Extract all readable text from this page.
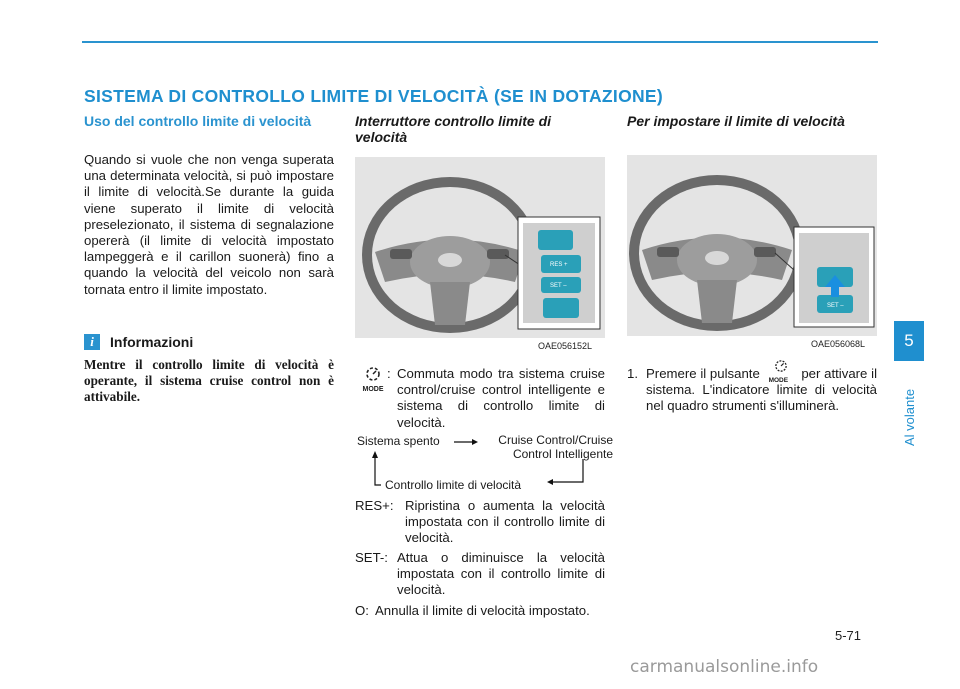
SISTEMA DI CONTROLLO LIMITE DI VELOCITÀ (SE IN DOTAZIONE)
Uso del controllo limite di velocità
Quando si vuole che non venga superata una determinata velocità, si può impostare il limite di velocità.Se durante la guida viene superato il limite di velocità preselezionato, il sistema di segnalazione opererà (il limite di velocità impostato lampeggerà e il carillon suonerà) fino a quando la velocità del veicolo non sarà tornata entro il limite impostato.
i	Informazioni
Mentre il controllo limite di velocità è operante, il sistema cruise control non è attivabile.
Interruttore controllo limite di velocità
RES +
SET –
OAE056152L
MODE
: Commuta modo tra sistema cruise control/cruise control intelligente e sistema di controllo limite di velocità.
Sistema spento	Cruise Control/Cruise Control Intelligente
Controllo limite di velocità
RES+: Ripristina o aumenta la velocità impostata con il controllo limite di velocità.
SET-: Attua o diminuisce la velocità impostata con il controllo limite di velocità.
O: Annulla il limite di velocità impostato.
Per impostare il limite di velocità
SET –
OAE056068L
1. Premere il pulsante MODE per attivare il sistema. L'indicatore limite di velocità nel quadro strumenti s'illuminerà.
5
Al volante
5-71
carmanualsonline.info
